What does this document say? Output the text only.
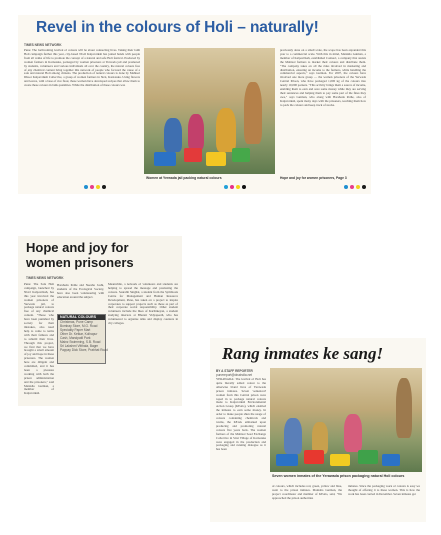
Revel in the colours of Holi – naturally!
TIMES NEWS NETWORK
Pune: The forthcoming festival of colours will be about connecting lives. Taking their faith Holi campaign further this year, city-based NGO Kalpavriksh has joined hands with people from all walks of life to promote the concept of a natural and safe Holi festival. Produced by women farmers in Karnataka, packaged by women prisoners at Yerwada jail and promoted by students, volunteers and various individuals all over the country, the natural colours free of any chemical content bring together this network of people who forward the cause of a safe and natural Holi among citizens. The production of natural colours is done by Mahisol Dhoor Kalpavriksh Collective, a group of women farmers in Sirsi, Karnataka. Using flowers and leaves, with a base of rice flour, these women have developed recipes that allow them to create these colours in bulk quantities. While the distribution of these colours was
Women at Yerwada jail packing natural colours
previously done on a small scale, the scope has been expanded this year to a commercial scale. With this in mind, Manisha Gutman, a member of Kalpavriksh, established Connect, a company that assists the Mahisol farmers to market their colours and distribute them. "The company takes on all the risks involved in marketing and distribution, ensuring an income to the farmers, while handling the commercial aspects," says Gutman. For 2007, the colours have involved one more group — the women prisoners of the Yerwada Central Prison, who have packaged 1,000 kg of the colours into nearly 10,000 packets. "This activity brings them a source of income, enabling them to earn and save some money while they are serving their sentences and helping them to pay some part of the fines they owe," says Gutman, who along with Harshada Pethe, also of Kalpavriksh, spent many days with the prisoners, teaching them how to pack the colours and keep track of stocks.
Hope and joy for women prisoners, Page 3
Hope and joy for women prisoners
TIMES NEWS NETWORK
Pune: The Safe Holi campaign, launched by NGO Kalpavriksh, has this year involved the women prisoners of Yerwada jail, to package natural colours free of any chemical content. "Those who have been punished by society for their mistakes, also need help to come to terms with their failures and to rebuild their lives. Through this project, we find that we have brought a small amount of joy and hope in these prisoners. The women here are diligent and committed, and it has been a pleasure working with both the prison administration and the prisoners," said Manisha Gutman, a member of Kalpavriksh.
NATURAL COLOURS
Christmas, Pune Camp
Bombay Store, M.G. Road
Speciality Paper Mart
Other Dr. Ketkar, Kolhapur
Cash, Mandpatil Park
Mainz Swimming, S.B. Road
Sri Lakshmi Vitthala, Bagm
Pappay Dick Store, Prabhat Road
Harshada Pethe and Neesha Joshi, students of the Ecological Society, have also been volunteering with education around the subject.
Meanwhile, a network of volunteers and students are helping to spread the message and promoting the colours. Saurabh Singhal, a student from the Symbiosis Centre for Management and Human Resource Development, Pune, has taken on a project to inspire corporates to support projects such as these as part of their corporate social responsibility. Other student volunteers include the likes of Karthikeyan, a student studying interiors at Bharati Vidyapeeth, who has volunteered to organise talks and display counters in city colleges.
Rang inmates ke sang!
BY A STAFF REPORTER
punereport@dnaindia.net
YERAWADA: The festival of Holi has quite literally added colour to the otherwise bland lives of Yerawada prison inmates. Seven 'sentenced' women from this Central prison were roped in to package natural colours made to Kalpavriksh Environmental Action Group (KEAG), which enabled the inmates to earn some money. In order to make people shun the usage of colours containing chemicals and toxins, the KEAG embarked upon producing and promoting natural colours five years back. The women farmers of the Mahisol Seed Exchange Collective in Sirsi Village of Karnataka were engaged in the production and packaging and running dialogue as it has been
Seven women inmates of the Yerawada prison packaging natural Holi colours
of colours, which includes red, green, yellow and blue, went to the prison inmates. Manisha Gutman, the project coordinator and member of KEAG, said, "We approached the prison authorities
inmates. Since the packaging work of colours is easy we thought of offering it to these women. This is how the work has been carried in December. Seven inmates got
